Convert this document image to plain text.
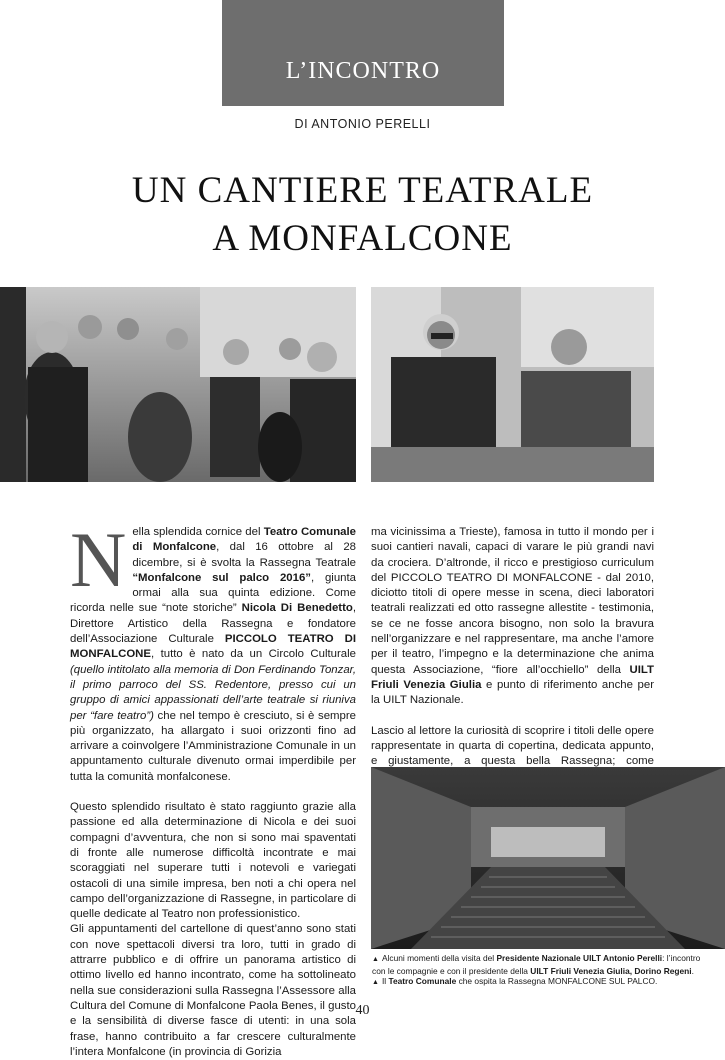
L’INCONTRO
DI ANTONIO PERELLI
UN CANTIERE TEATRALE
A MONFALCONE

Nella splendida cornice del Teatro Comunale di Monfalcone, dal 16 ottobre al 28 dicembre, si è svolta la Rassegna Teatrale “Monfalcone sul palco 2016”, giunta ormai alla sua quinta edizione. Come ricorda nelle sue “note storiche” Nicola Di Benedetto, Direttore Artistico della Rassegna e fondatore dell’Associazione Culturale PICCOLO TEATRO DI MONFALCONE, tutto è nato da un Circolo Culturale (quello intitolato alla memoria di Don Ferdinando Tonzar, il primo parroco del SS. Redentore, presso cui un gruppo di amici appassionati dell’arte teatrale si riuniva per “fare teatro”) che nel tempo è cresciuto, si è sempre più organizzato, ha allargato i suoi orizzonti fino ad arrivare a coinvolgere l’Amministrazione Comunale in un appuntamento culturale divenuto ormai imperdibile per tutta la comunità monfalconese.

Questo splendido risultato è stato raggiunto grazie alla passione ed alla determinazione di Nicola e dei suoi compagni d’avventura, che non si sono mai spaventati di fronte alle numerose difficoltà incontrate e mai scoraggiati nel superare tutti i notevoli e variegati ostacoli di una simile impresa, ben noti a chi opera nel campo dell’organizzazione di Rassegne, in particolare di quelle dedicate al Teatro non professionistico.

Gli appuntamenti del cartellone di quest’anno sono stati con nove spettacoli diversi tra loro, tutti in grado di attrarre pubblico e di offrire un panorama artistico di ottimo livello ed hanno incontrato, come ha sottolineato nella sue considerazioni sulla Rassegna l’Assessore alla Cultura del Comune di Monfalcone Paola Benes, il gusto e la sensibilità di diverse fasce di utenti: in una sola frase, hanno contribuito a far crescere culturalmente l’intera Monfalcone (in provincia di Gorizia

ma vicinissima a Trieste), famosa in tutto il mondo per i suoi cantieri navali, capaci di varare le più grandi navi da crociera. D’altronde, il ricco e prestigioso curriculum del PICCOLO TEATRO DI MONFALCONE - dal 2010, diciotto titoli di opere messe in scena, dieci laboratori teatrali realizzati ed otto rassegne allestite - testimonia, se ce ne fosse ancora bisogno, non solo la bravura nell’organizzare e nel rappresentare, ma anche l’amore per il teatro, l’impegno e la determinazione che anima questa Associazione, “fiore all’occhiello” della UILT Friuli Venezia Giulia e punto di riferimento anche per la UILT Nazionale.

Lascio al lettore la curiosità di scoprire i titoli delle opere rappresentate in quarta di copertina, dedicata appunto, e giustamente, a questa bella Rassegna; come

▲ Alcuni momenti della visita del Presidente Nazionale UILT Antonio Perelli: l’incontro con le compagnie e con il presidente della UILT Friuli Venezia Giulia, Dorino Regeni.
▲ Il Teatro Comunale che ospita la Rassegna MONFALCONE SUL PALCO.
40
